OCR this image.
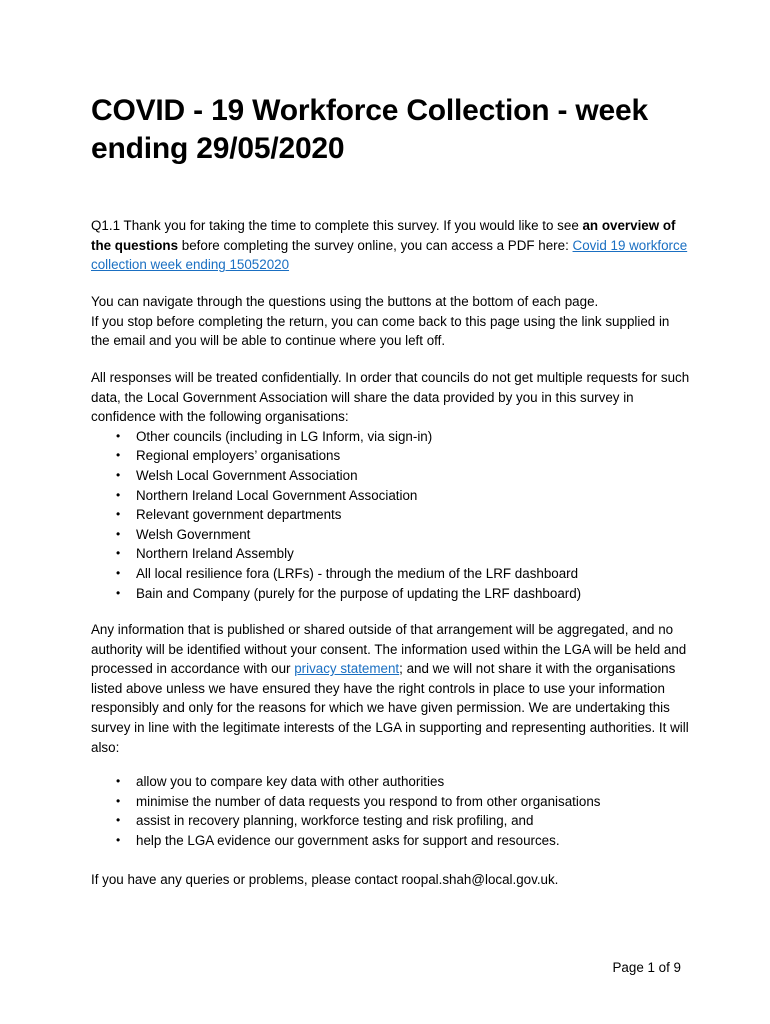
COVID - 19 Workforce Collection - week ending 29/05/2020

Q1.1 Thank you for taking the time to complete this survey. If you would like to see an overview of the questions before completing the survey online, you can access a PDF here: Covid 19 workforce collection week ending 15052020

You can navigate through the questions using the buttons at the bottom of each page.

If you stop before completing the return, you can come back to this page using the link supplied in the email and you will be able to continue where you left off.

All responses will be treated confidentially. In order that councils do not get multiple requests for such data, the Local Government Association will share the data provided by you in this survey in confidence with the following organisations:

• Other councils (including in LG Inform, via sign-in)
• Regional employers’ organisations
• Welsh Local Government Association
• Northern Ireland Local Government Association
• Relevant government departments
• Welsh Government
• Northern Ireland Assembly
• All local resilience fora (LRFs) - through the medium of the LRF dashboard
• Bain and Company (purely for the purpose of updating the LRF dashboard)

Any information that is published or shared outside of that arrangement will be aggregated, and no authority will be identified without your consent. The information used within the LGA will be held and processed in accordance with our privacy statement; and we will not share it with the organisations listed above unless we have ensured they have the right controls in place to use your information responsibly and only for the reasons for which we have given permission. We are undertaking this survey in line with the legitimate interests of the LGA in supporting and representing authorities. It will also:

• allow you to compare key data with other authorities
• minimise the number of data requests you respond to from other organisations
• assist in recovery planning, workforce testing and risk profiling, and
• help the LGA evidence our government asks for support and resources.

If you have any queries or problems, please contact roopal.shah@local.gov.uk.

Page 1 of 9
